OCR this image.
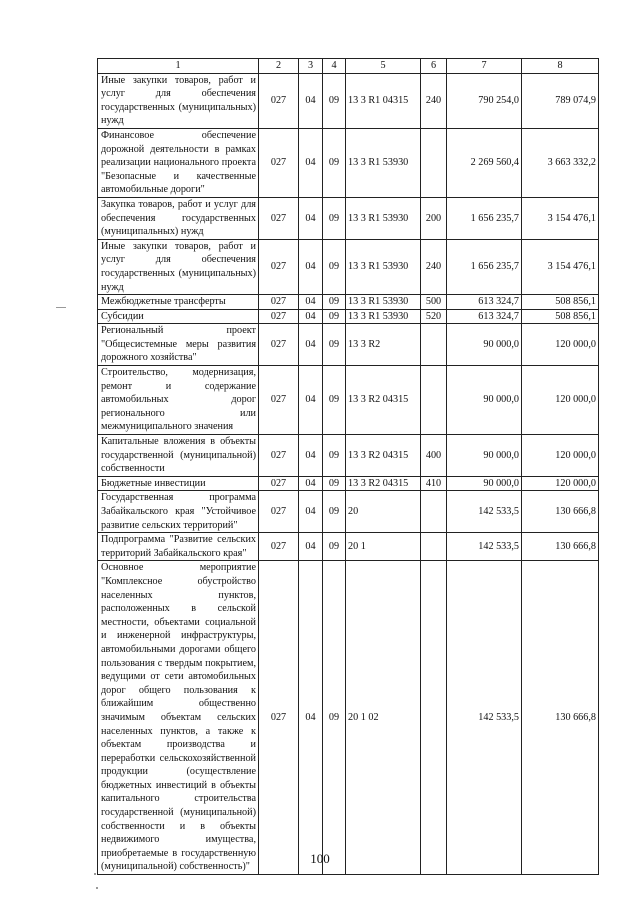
1	2	3	4	5	6	7	8
Иные закупки товаров, работ и услуг для обеспечения государственных (муниципальных) нужд	027	04	09	13 3 R1 04315	240	790 254,0	789 074,9
Финансовое обеспечение дорожной деятельности в рамках реализации национального проекта "Безопасные и качественные автомобильные дороги"	027	04	09	13 3 R1 53930		2 269 560,4	3 663 332,2
Закупка товаров, работ и услуг для обеспечения государственных (муниципальных) нужд	027	04	09	13 3 R1 53930	200	1 656 235,7	3 154 476,1
Иные закупки товаров, работ и услуг для обеспечения государственных (муниципальных) нужд	027	04	09	13 3 R1 53930	240	1 656 235,7	3 154 476,1
Межбюджетные трансферты	027	04	09	13 3 R1 53930	500	613 324,7	508 856,1
Субсидии	027	04	09	13 3 R1 53930	520	613 324,7	508 856,1
Региональный проект "Общесистемные меры развития дорожного хозяйства"	027	04	09	13 3 R2		90 000,0	120 000,0
Строительство, модернизация, ремонт и содержание автомобильных дорог регионального или межмуниципального значения	027	04	09	13 3 R2 04315		90 000,0	120 000,0
Капитальные вложения в объекты государственной (муниципальной) собственности	027	04	09	13 3 R2 04315	400	90 000,0	120 000,0
Бюджетные инвестиции	027	04	09	13 3 R2 04315	410	90 000,0	120 000,0
Государственная программа Забайкальского края "Устойчивое развитие сельских территорий"	027	04	09	20		142 533,5	130 666,8
Подпрограмма "Развитие сельских территорий Забайкальского края"	027	04	09	20 1		142 533,5	130 666,8
Основное мероприятие "Комплексное обустройство населенных пунктов, расположенных в сельской местности, объектами социальной и инженерной инфраструктуры, автомобильными дорогами общего пользования с твердым покрытием, ведущими от сети автомобильных дорог общего пользования к ближайшим общественно значимым объектам сельских населенных пунктов, а также к объектам производства и переработки сельскохозяйственной продукции (осуществление бюджетных инвестиций в объекты капитального строительства государственной (муниципальной) собственности и в объекты недвижимого имущества, приобретаемые в государственную (муниципальной) собственность)"	027	04	09	20 1 02		142 533,5	130 666,8
100
